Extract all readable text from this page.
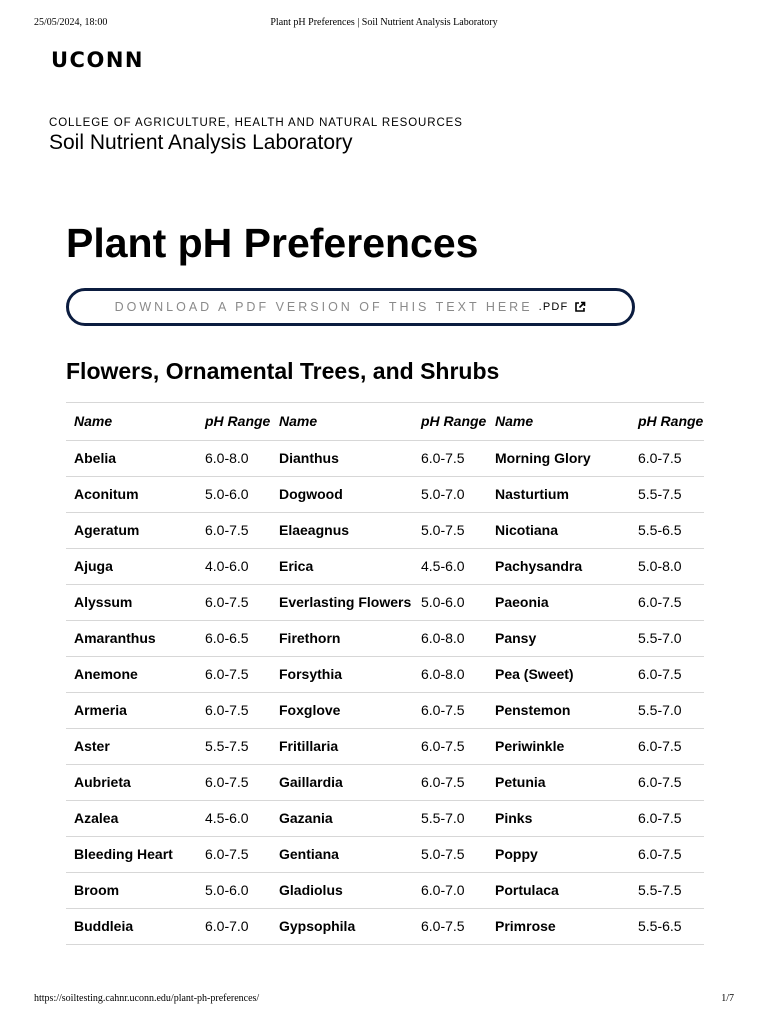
25/05/2024, 18:00	Plant pH Preferences | Soil Nutrient Analysis Laboratory
UCONN
COLLEGE OF AGRICULTURE, HEALTH AND NATURAL RESOURCES
Soil Nutrient Analysis Laboratory
Plant pH Preferences
DOWNLOAD A PDF VERSION OF THIS TEXT HERE .PDF
Flowers, Ornamental Trees, and Shrubs
Name	pH Range	Name	pH Range	Name	pH Range
Abelia	6.0-8.0	Dianthus	6.0-7.5	Morning Glory	6.0-7.5
Aconitum	5.0-6.0	Dogwood	5.0-7.0	Nasturtium	5.5-7.5
Ageratum	6.0-7.5	Elaeagnus	5.0-7.5	Nicotiana	5.5-6.5
Ajuga	4.0-6.0	Erica	4.5-6.0	Pachysandra	5.0-8.0
Alyssum	6.0-7.5	Everlasting Flowers	5.0-6.0	Paeonia	6.0-7.5
Amaranthus	6.0-6.5	Firethorn	6.0-8.0	Pansy	5.5-7.0
Anemone	6.0-7.5	Forsythia	6.0-8.0	Pea (Sweet)	6.0-7.5
Armeria	6.0-7.5	Foxglove	6.0-7.5	Penstemon	5.5-7.0
Aster	5.5-7.5	Fritillaria	6.0-7.5	Periwinkle	6.0-7.5
Aubrieta	6.0-7.5	Gaillardia	6.0-7.5	Petunia	6.0-7.5
Azalea	4.5-6.0	Gazania	5.5-7.0	Pinks	6.0-7.5
Bleeding Heart	6.0-7.5	Gentiana	5.0-7.5	Poppy	6.0-7.5
Broom	5.0-6.0	Gladiolus	6.0-7.0	Portulaca	5.5-7.5
Buddleia	6.0-7.0	Gypsophila	6.0-7.5	Primrose	5.5-6.5
https://soiltesting.cahnr.uconn.edu/plant-ph-preferences/	1/7
